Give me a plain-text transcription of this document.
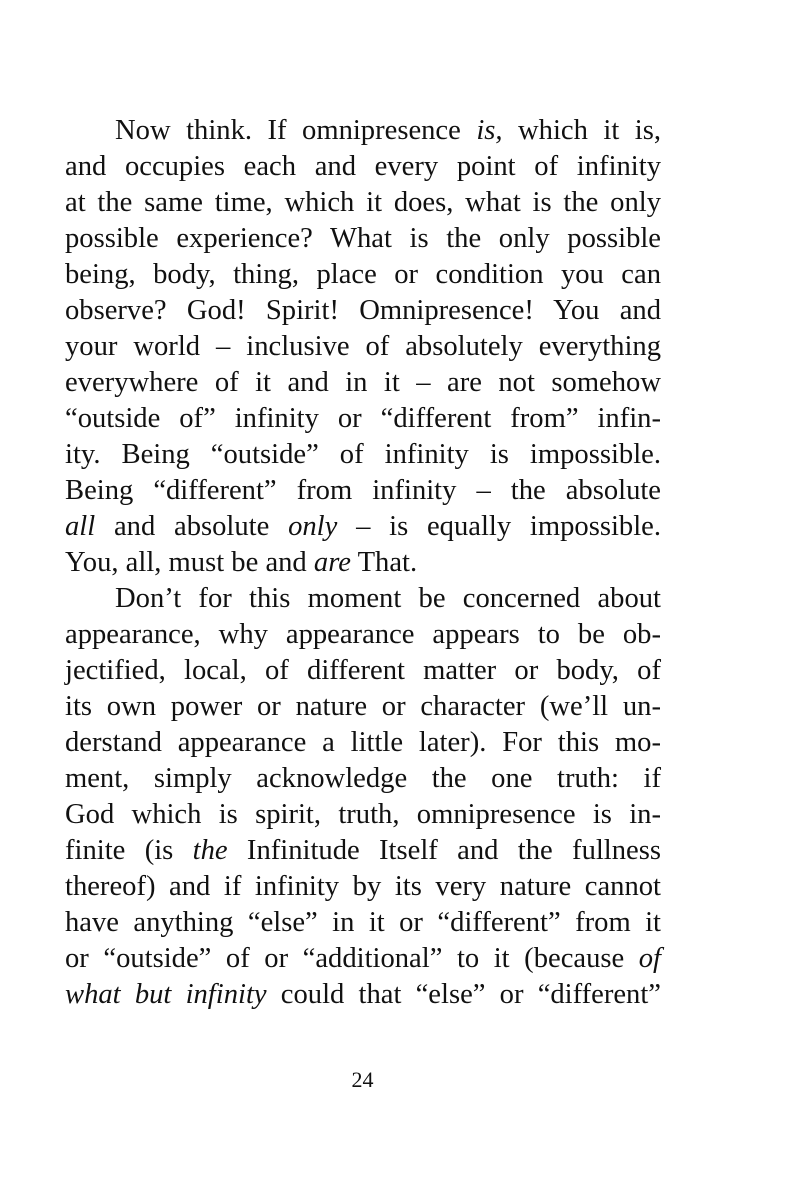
Now think. If omnipresence is, which it is,
and occupies each and every point of infinity
at the same time, which it does, what is the only
possible experience? What is the only possible
being, body, thing, place or condition you can
observe? God! Spirit! Omnipresence! You and
your world – inclusive of absolutely everything
everywhere of it and in it – are not somehow
“outside of” infinity or “different from” infin-
ity. Being “outside” of infinity is impossible.
Being “different” from infinity – the absolute
all and absolute only – is equally impossible.
You, all, must be and are That.
Don’t for this moment be concerned about
appearance, why appearance appears to be ob-
jectified, local, of different matter or body, of
its own power or nature or character (we’ll un-
derstand appearance a little later). For this mo-
ment, simply acknowledge the one truth: if
God which is spirit, truth, omnipresence is in-
finite (is the Infinitude Itself and the fullness
thereof) and if infinity by its very nature cannot
have anything “else” in it or “different” from it
or “outside” of or “additional” to it (because of
what but infinity could that “else” or “different”
24
